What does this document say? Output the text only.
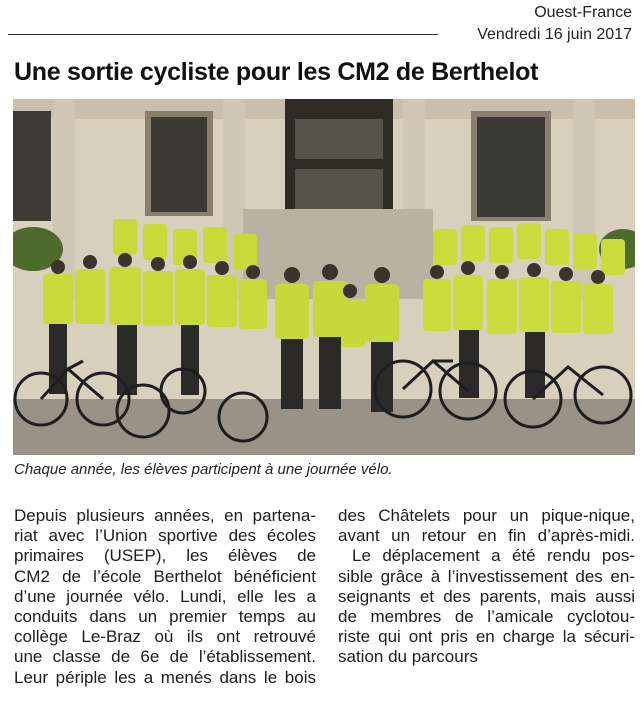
Ouest-France
Vendredi 16 juin 2017
Une sortie cycliste pour les CM2 de Berthelot

Chaque année, les élèves participent à une journée vélo.

Depuis plusieurs années, en partena-
riat avec l’Union sportive des écoles
primaires (USEP), les élèves de
CM2 de l’école Berthelot bénéficient
d’une journée vélo. Lundi, elle les a
conduits dans un premier temps au
collège Le-Braz où ils ont retrouvé
une classe de 6e de l’établissement.
Leur périple les a menés dans le bois

des Châtelets pour un pique-nique,
avant un retour en fin d’après-midi.

Le déplacement a été rendu pos-
sible grâce à l’investissement des en-
seignants et des parents, mais aussi
de membres de l’amicale cyclotou-
riste qui ont pris en charge la sécuri-
sation du parcours
